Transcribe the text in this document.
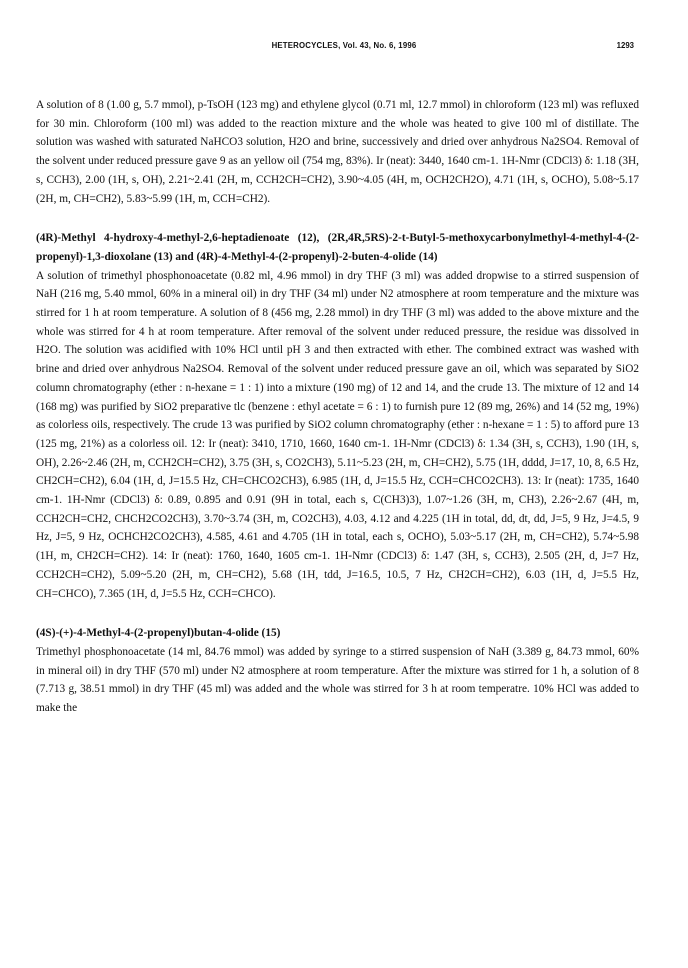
HETEROCYCLES, Vol. 43, No. 6, 1996	1293

A solution of 8 (1.00 g, 5.7 mmol), p-TsOH (123 mg) and ethylene glycol (0.71 ml, 12.7 mmol) in chloroform (123 ml) was refluxed for 30 min. Chloroform (100 ml) was added to the reaction mixture and the whole was heated to give 100 ml of distillate. The solution was washed with saturated NaHCO3 solution, H2O and brine, successively and dried over anhydrous Na2SO4. Removal of the solvent under reduced pressure gave 9 as an yellow oil (754 mg, 83%). Ir (neat): 3440, 1640 cm-1. 1H-Nmr (CDCl3) δ: 1.18 (3H, s, CCH3), 2.00 (1H, s, OH), 2.21~2.41 (2H, m, CCH2CH=CH2), 3.90~4.05 (4H, m, OCH2CH2O), 4.71 (1H, s, OCHO), 5.08~5.17 (2H, m, CH=CH2), 5.83~5.99 (1H, m, CCH=CH2).

(4R)-Methyl 4-hydroxy-4-methyl-2,6-heptadienoate (12), (2R,4R,5RS)-2-t-Butyl-5-methoxycarbonylmethyl-4-methyl-4-(2-propenyl)-1,3-dioxolane (13) and (4R)-4-Methyl-4-(2-propenyl)-2-buten-4-olide (14)

A solution of trimethyl phosphonoacetate (0.82 ml, 4.96 mmol) in dry THF (3 ml) was added dropwise to a stirred suspension of NaH (216 mg, 5.40 mmol, 60% in a mineral oil) in dry THF (34 ml) under N2 atmosphere at room temperature and the mixture was stirred for 1 h at room temperature. A solution of 8 (456 mg, 2.28 mmol) in dry THF (3 ml) was added to the above mixture and the whole was stirred for 4 h at room temperature. After removal of the solvent under reduced pressure, the residue was dissolved in H2O. The solution was acidified with 10% HCl until pH 3 and then extracted with ether. The combined extract was washed with brine and dried over anhydrous Na2SO4. Removal of the solvent under reduced pressure gave an oil, which was separated by SiO2 column chromatography (ether : n-hexane = 1 : 1) into a mixture (190 mg) of 12 and 14, and the crude 13. The mixture of 12 and 14 (168 mg) was purified by SiO2 preparative tlc (benzene : ethyl acetate = 6 : 1) to furnish pure 12 (89 mg, 26%) and 14 (52 mg, 19%) as colorless oils, respectively. The crude 13 was purified by SiO2 column chromatography (ether : n-hexane = 1 : 5) to afford pure 13 (125 mg, 21%) as a colorless oil. 12: Ir (neat): 3410, 1710, 1660, 1640 cm-1. 1H-Nmr (CDCl3) δ: 1.34 (3H, s, CCH3), 1.90 (1H, s, OH), 2.26~2.46 (2H, m, CCH2CH=CH2), 3.75 (3H, s, CO2CH3), 5.11~5.23 (2H, m, CH=CH2), 5.75 (1H, dddd, J=17, 10, 8, 6.5 Hz, CH2CH=CH2), 6.04 (1H, d, J=15.5 Hz, CH=CHCO2CH3), 6.985 (1H, d, J=15.5 Hz, CCH=CHCO2CH3). 13: Ir (neat): 1735, 1640 cm-1. 1H-Nmr (CDCl3) δ: 0.89, 0.895 and 0.91 (9H in total, each s, C(CH3)3), 1.07~1.26 (3H, m, CH3), 2.26~2.67 (4H, m, CCH2CH=CH2, CHCH2CO2CH3), 3.70~3.74 (3H, m, CO2CH3), 4.03, 4.12 and 4.225 (1H in total, dd, dt, dd, J=5, 9 Hz, J=4.5, 9 Hz, J=5, 9 Hz, OCHCH2CO2CH3), 4.585, 4.61 and 4.705 (1H in total, each s, OCHO), 5.03~5.17 (2H, m, CH=CH2), 5.74~5.98 (1H, m, CH2CH=CH2). 14: Ir (neat): 1760, 1640, 1605 cm-1. 1H-Nmr (CDCl3) δ: 1.47 (3H, s, CCH3), 2.505 (2H, d, J=7 Hz, CCH2CH=CH2), 5.09~5.20 (2H, m, CH=CH2), 5.68 (1H, tdd, J=16.5, 10.5, 7 Hz, CH2CH=CH2), 6.03 (1H, d, J=5.5 Hz, CH=CHCO), 7.365 (1H, d, J=5.5 Hz, CCH=CHCO).

(4S)-(+)-4-Methyl-4-(2-propenyl)butan-4-olide (15)

Trimethyl phosphonoacetate (14 ml, 84.76 mmol) was added by syringe to a stirred suspension of NaH (3.389 g, 84.73 mmol, 60% in mineral oil) in dry THF (570 ml) under N2 atmosphere at room temperature. After the mixture was stirred for 1 h, a solution of 8 (7.713 g, 38.51 mmol) in dry THF (45 ml) was added and the whole was stirred for 3 h at room temperatre. 10% HCl was added to make the
